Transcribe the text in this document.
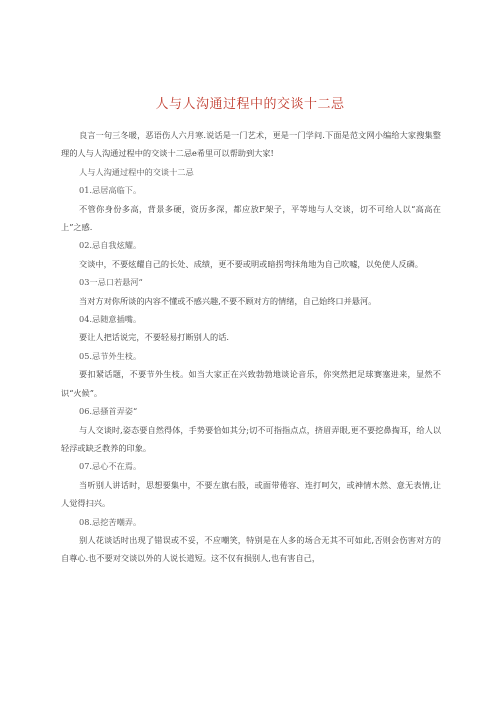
人与人沟通过程中的交谈十二忌

良言一句三冬暖，恶语伤人六月寒.说话是一门艺术，更是一门学问.下面是范文网小编给大家搜集整理的人与人沟通过程中的交谈十二忌e希里可以帮助到大家!

人与人沟通过程中的交谈十二忌

01.忌居高临下。

不管你身份多高，背景多硬，资历多深，都应放F架子，平等地与人交谈，切不可给人以“高高在上”之感.

02.忌自我炫耀。

交谈中，不要炫耀自己的长处、成绩，更不要或明或暗拐弯抹角地为自己吹嘘，以免使人反磷。

03一忌口若悬河“

当对方对你所谈的内容不懂或不感兴趣,不要不顾对方的情绪，自己始终口并悬河。

04.忌随意插嘴。

要让人把话说完，不要轻易打断别人的话.

05.忌节外生枝。

要扣紧话题，不要节外生枝。如当大家正在兴致勃勃地谈论音乐，你突然把足球赛塞进来，显然不识“火候”。

06.忌搔首弄姿“

与人交谈时,姿态要自然得体，手势要恰如其分;切不可指指点点，挤眉弄眼,更不要挖鼻掏耳，给人以轻浮或缺乏教养的印象。

07.忌心不在焉。

当听别人讲话时，思想要集中，不要左旗右股，或面带倦容、连打呵欠，或神情木然、意无表情,让人觉得扫兴。

08.忌挖苦嘲弄。

别人花谈话时出现了错误或不妥，不应嘲笑，特别是在人多的场合无其不可如此,否则会伤害对方的自尊心.也不要对交谈以外的人说长道短。这不仅有损别人,也有害自己，
